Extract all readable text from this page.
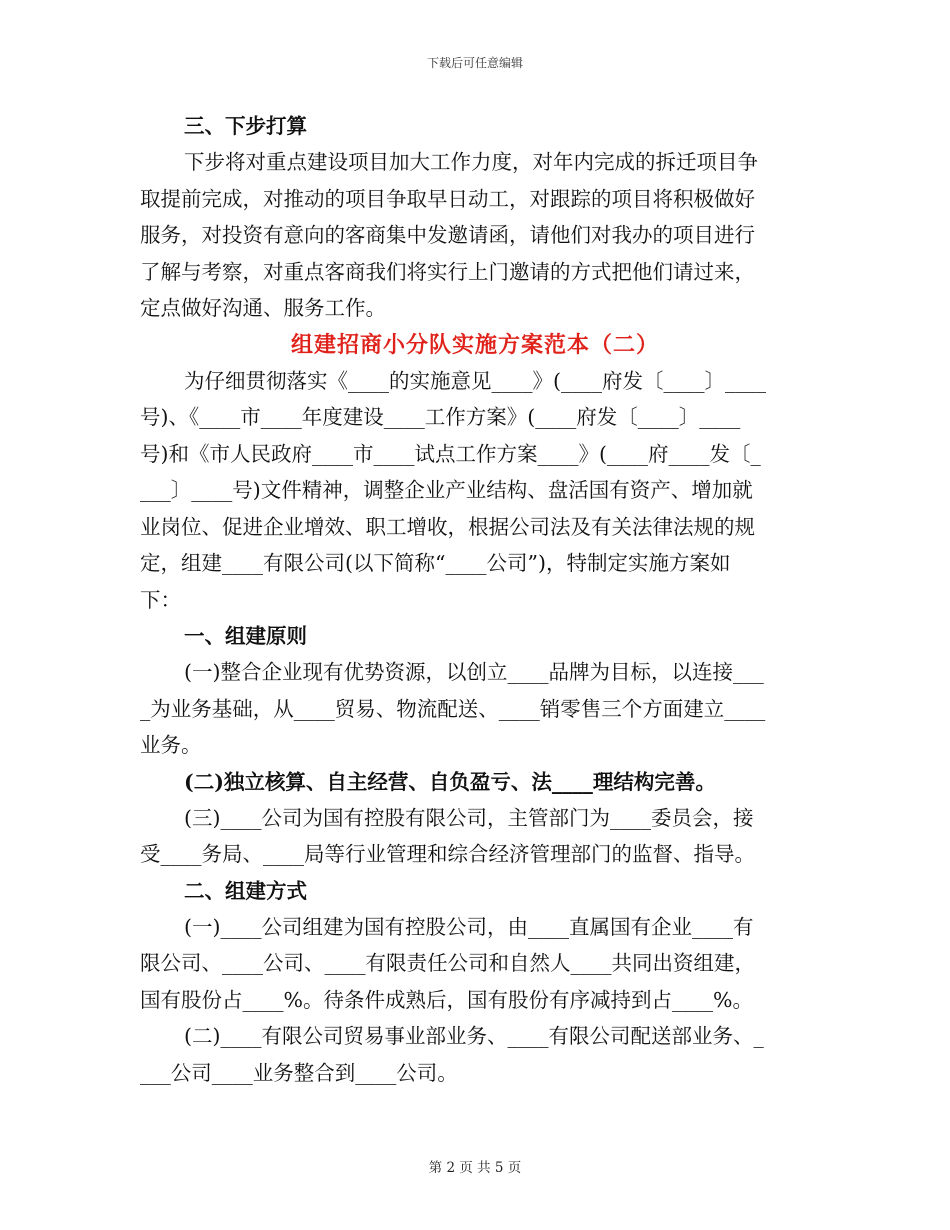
下载后可任意编辑
三、下步打算
下步将对重点建设项目加大工作力度，对年内完成的拆迁项目争
取提前完成，对推动的项目争取早日动工，对跟踪的项目将积极做好
服务，对投资有意向的客商集中发邀请函，请他们对我办的项目进行
了解与考察，对重点客商我们将实行上门邀请的方式把他们请过来，
定点做好沟通、服务工作。
组建招商小分队实施方案范本（二）
为仔细贯彻落实《____的实施意见____》(____府发〔____〕____
号)、《____市____年度建设____工作方案》(____府发〔____〕____
号)和《市人民政府____市____试点工作方案____》(____府____发〔_
___〕____号)文件精神，调整企业产业结构、盘活国有资产、增加就
业岗位、促进企业增效、职工增收，根据公司法及有关法律法规的规
定，组建____有限公司(以下简称“____公司”)，特制定实施方案如
下：
一、组建原则
(一)整合企业现有优势资源，以创立____品牌为目标，以连接___
_为业务基础，从____贸易、物流配送、____销零售三个方面建立____
业务。
(二)独立核算、自主经营、自负盈亏、法____理结构完善。
(三)____公司为国有控股有限公司，主管部门为____委员会，接
受____务局、____局等行业管理和综合经济管理部门的监督、指导。
二、组建方式
(一)____公司组建为国有控股公司，由____直属国有企业____有
限公司、____公司、____有限责任公司和自然人____共同出资组建，
国有股份占____%。待条件成熟后，国有股份有序减持到占____%。
(二)____有限公司贸易事业部业务、____有限公司配送部业务、_
___公司____业务整合到____公司。
第 2 页 共 5 页
